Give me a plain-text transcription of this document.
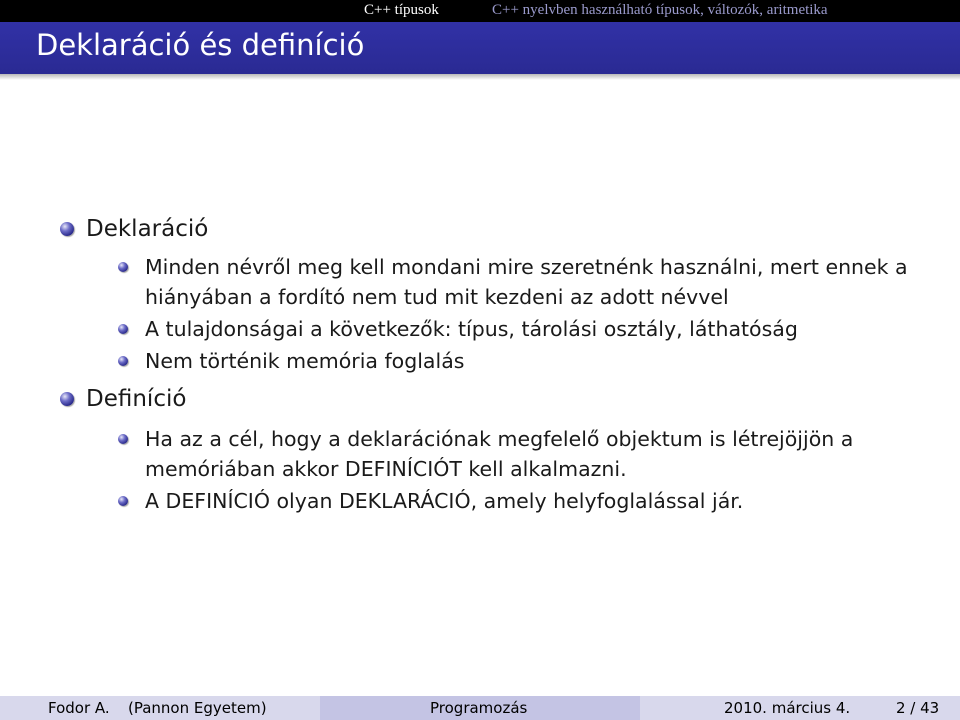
C++ típusok	C++ nyelvben használható típusok, változók, aritmetika
Deklaráció és definíció
Deklaráció
Minden névről meg kell mondani mire szeretnénk használni, mert ennek a hiányában a fordító nem tud mit kezdeni az adott névvel
A tulajdonságai a következők: típus, tárolási osztály, láthatóság
Nem történik memória foglalás
Definíció
Ha az a cél, hogy a deklarációnak megfelelő objektum is létrejöjjön a memóriában akkor DEFINÍCIÓT kell alkalmazni.
A DEFINÍCIÓ olyan DEKLARÁCIÓ, amely helyfoglalással jár.
Fodor A. (Pannon Egyetem)	Programozás	2010. március 4.	2 / 43
